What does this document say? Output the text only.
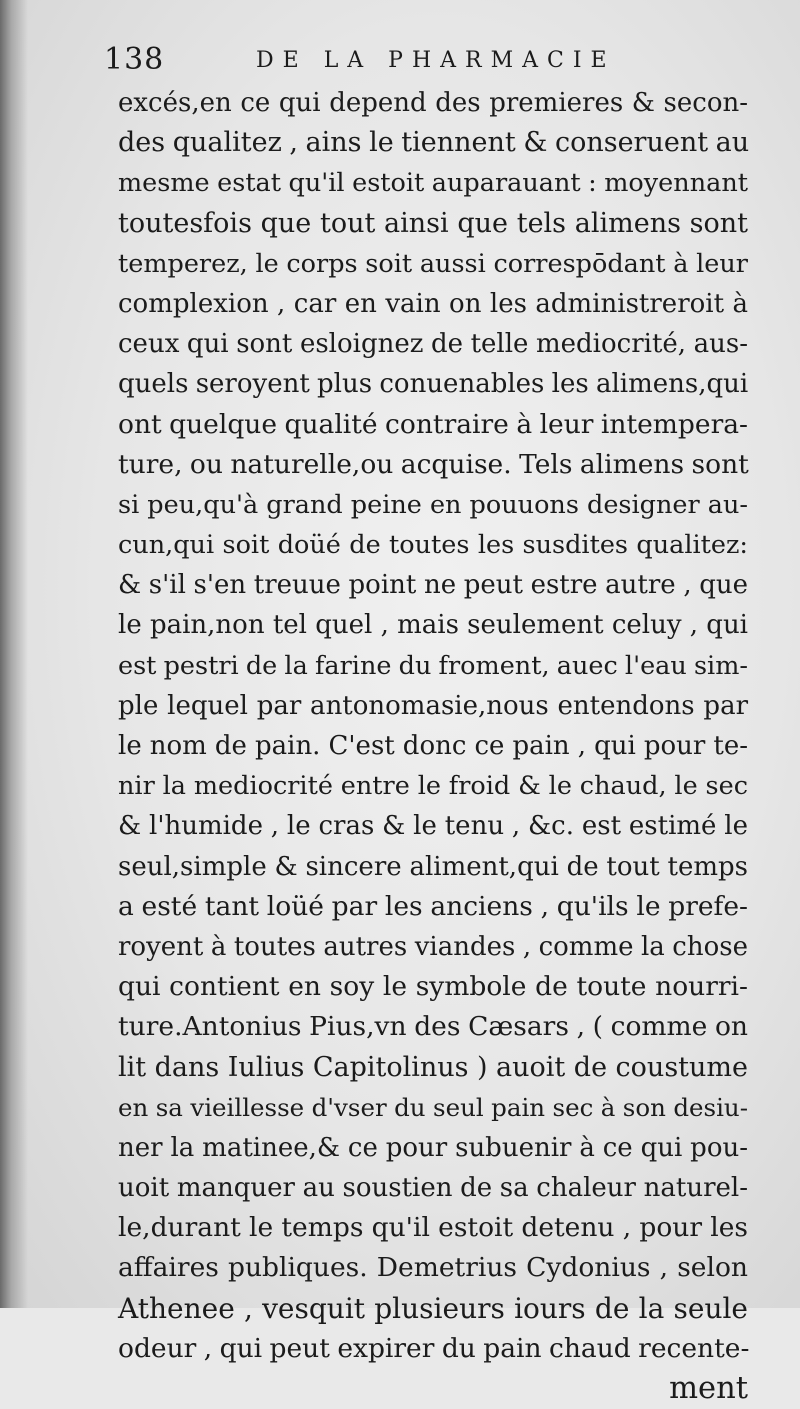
138	DE LA PHARMACIE
excés,en ce qui depend des premieres & secon-
des qualitez , ains le tiennent & conseruent au
mesme estat qu'il estoit auparauant : moyennant
toutesfois que tout ainsi que tels alimens sont
temperez, le corps soit aussi correspōdant à leur
complexion , car en vain on les administreroit à
ceux qui sont esloignez de telle mediocrité, aus-
quels seroyent plus conuenables les alimens,qui
ont quelque qualité contraire à leur intempera-
ture, ou naturelle,ou acquise. Tels alimens sont
si peu,qu'à grand peine en pouuons designer au-
cun,qui soit doüé de toutes les susdites qualitez:
& s'il s'en treuue point ne peut estre autre , que
le pain,non tel quel , mais seulement celuy , qui
est pestri de la farine du froment, auec l'eau sim-
ple lequel par antonomasie,nous entendons par
le nom de pain. C'est donc ce pain , qui pour te-
nir la mediocrité entre le froid & le chaud, le sec
& l'humide , le cras & le tenu , &c. est estimé le
seul,simple & sincere aliment,qui de tout temps
a esté tant loüé par les anciens , qu'ils le prefe-
royent à toutes autres viandes , comme la chose
qui contient en soy le symbole de toute nourri-
ture.Antonius Pius,vn des Cæsars , ( comme on
lit dans Iulius Capitolinus ) auoit de coustume
en sa vieillesse d'vser du seul pain sec à son desiu-
ner la matinee,& ce pour subuenir à ce qui pou-
uoit manquer au soustien de sa chaleur naturel-
le,durant le temps qu'il estoit detenu , pour les
affaires publiques. Demetrius Cydonius , selon
Athenee , vesquit plusieurs iours de la seule
odeur , qui peut expirer du pain chaud recente-
ment
